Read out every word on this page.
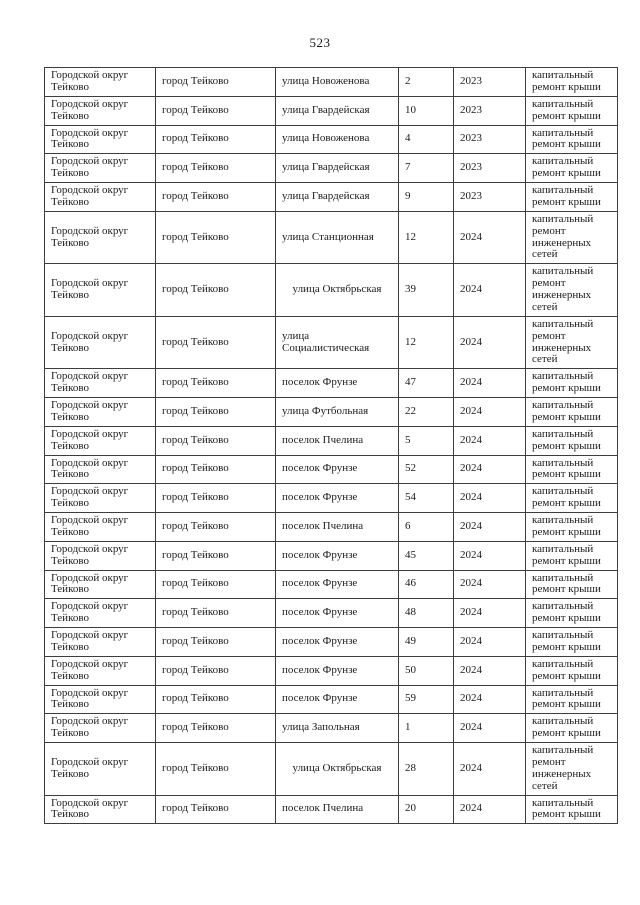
523
Городской округ Тейково	город Тейково	улица Новоженова	2	2023	капитальный ремонт крыши
Городской округ Тейково	город Тейково	улица Гвардейская	10	2023	капитальный ремонт крыши
Городской округ Тейково	город Тейково	улица Новоженова	4	2023	капитальный ремонт крыши
Городской округ Тейково	город Тейково	улица Гвардейская	7	2023	капитальный ремонт крыши
Городской округ Тейково	город Тейково	улица Гвардейская	9	2023	капитальный ремонт крыши
Городской округ Тейково	город Тейково	улица Станционная	12	2024	капитальный ремонт инженерных сетей
Городской округ Тейково	город Тейково	улица Октябрьская	39	2024	капитальный ремонт инженерных сетей
Городской округ Тейково	город Тейково	улица Социалистическая	12	2024	капитальный ремонт инженерных сетей
Городской округ Тейково	город Тейково	поселок Фрунзе	47	2024	капитальный ремонт крыши
Городской округ Тейково	город Тейково	улица Футбольная	22	2024	капитальный ремонт крыши
Городской округ Тейково	город Тейково	поселок Пчелина	5	2024	капитальный ремонт крыши
Городской округ Тейково	город Тейково	поселок Фрунзе	52	2024	капитальный ремонт крыши
Городской округ Тейково	город Тейково	поселок Фрунзе	54	2024	капитальный ремонт крыши
Городской округ Тейково	город Тейково	поселок Пчелина	6	2024	капитальный ремонт крыши
Городской округ Тейково	город Тейково	поселок Фрунзе	45	2024	капитальный ремонт крыши
Городской округ Тейково	город Тейково	поселок Фрунзе	46	2024	капитальный ремонт крыши
Городской округ Тейково	город Тейково	поселок Фрунзе	48	2024	капитальный ремонт крыши
Городской округ Тейково	город Тейково	поселок Фрунзе	49	2024	капитальный ремонт крыши
Городской округ Тейково	город Тейково	поселок Фрунзе	50	2024	капитальный ремонт крыши
Городской округ Тейково	город Тейково	поселок Фрунзе	59	2024	капитальный ремонт крыши
Городской округ Тейково	город Тейково	улица Запольная	1	2024	капитальный ремонт крыши
Городской округ Тейково	город Тейково	улица Октябрьская	28	2024	капитальный ремонт инженерных сетей
Городской округ Тейково	город Тейково	поселок Пчелина	20	2024	капитальный ремонт крыши
